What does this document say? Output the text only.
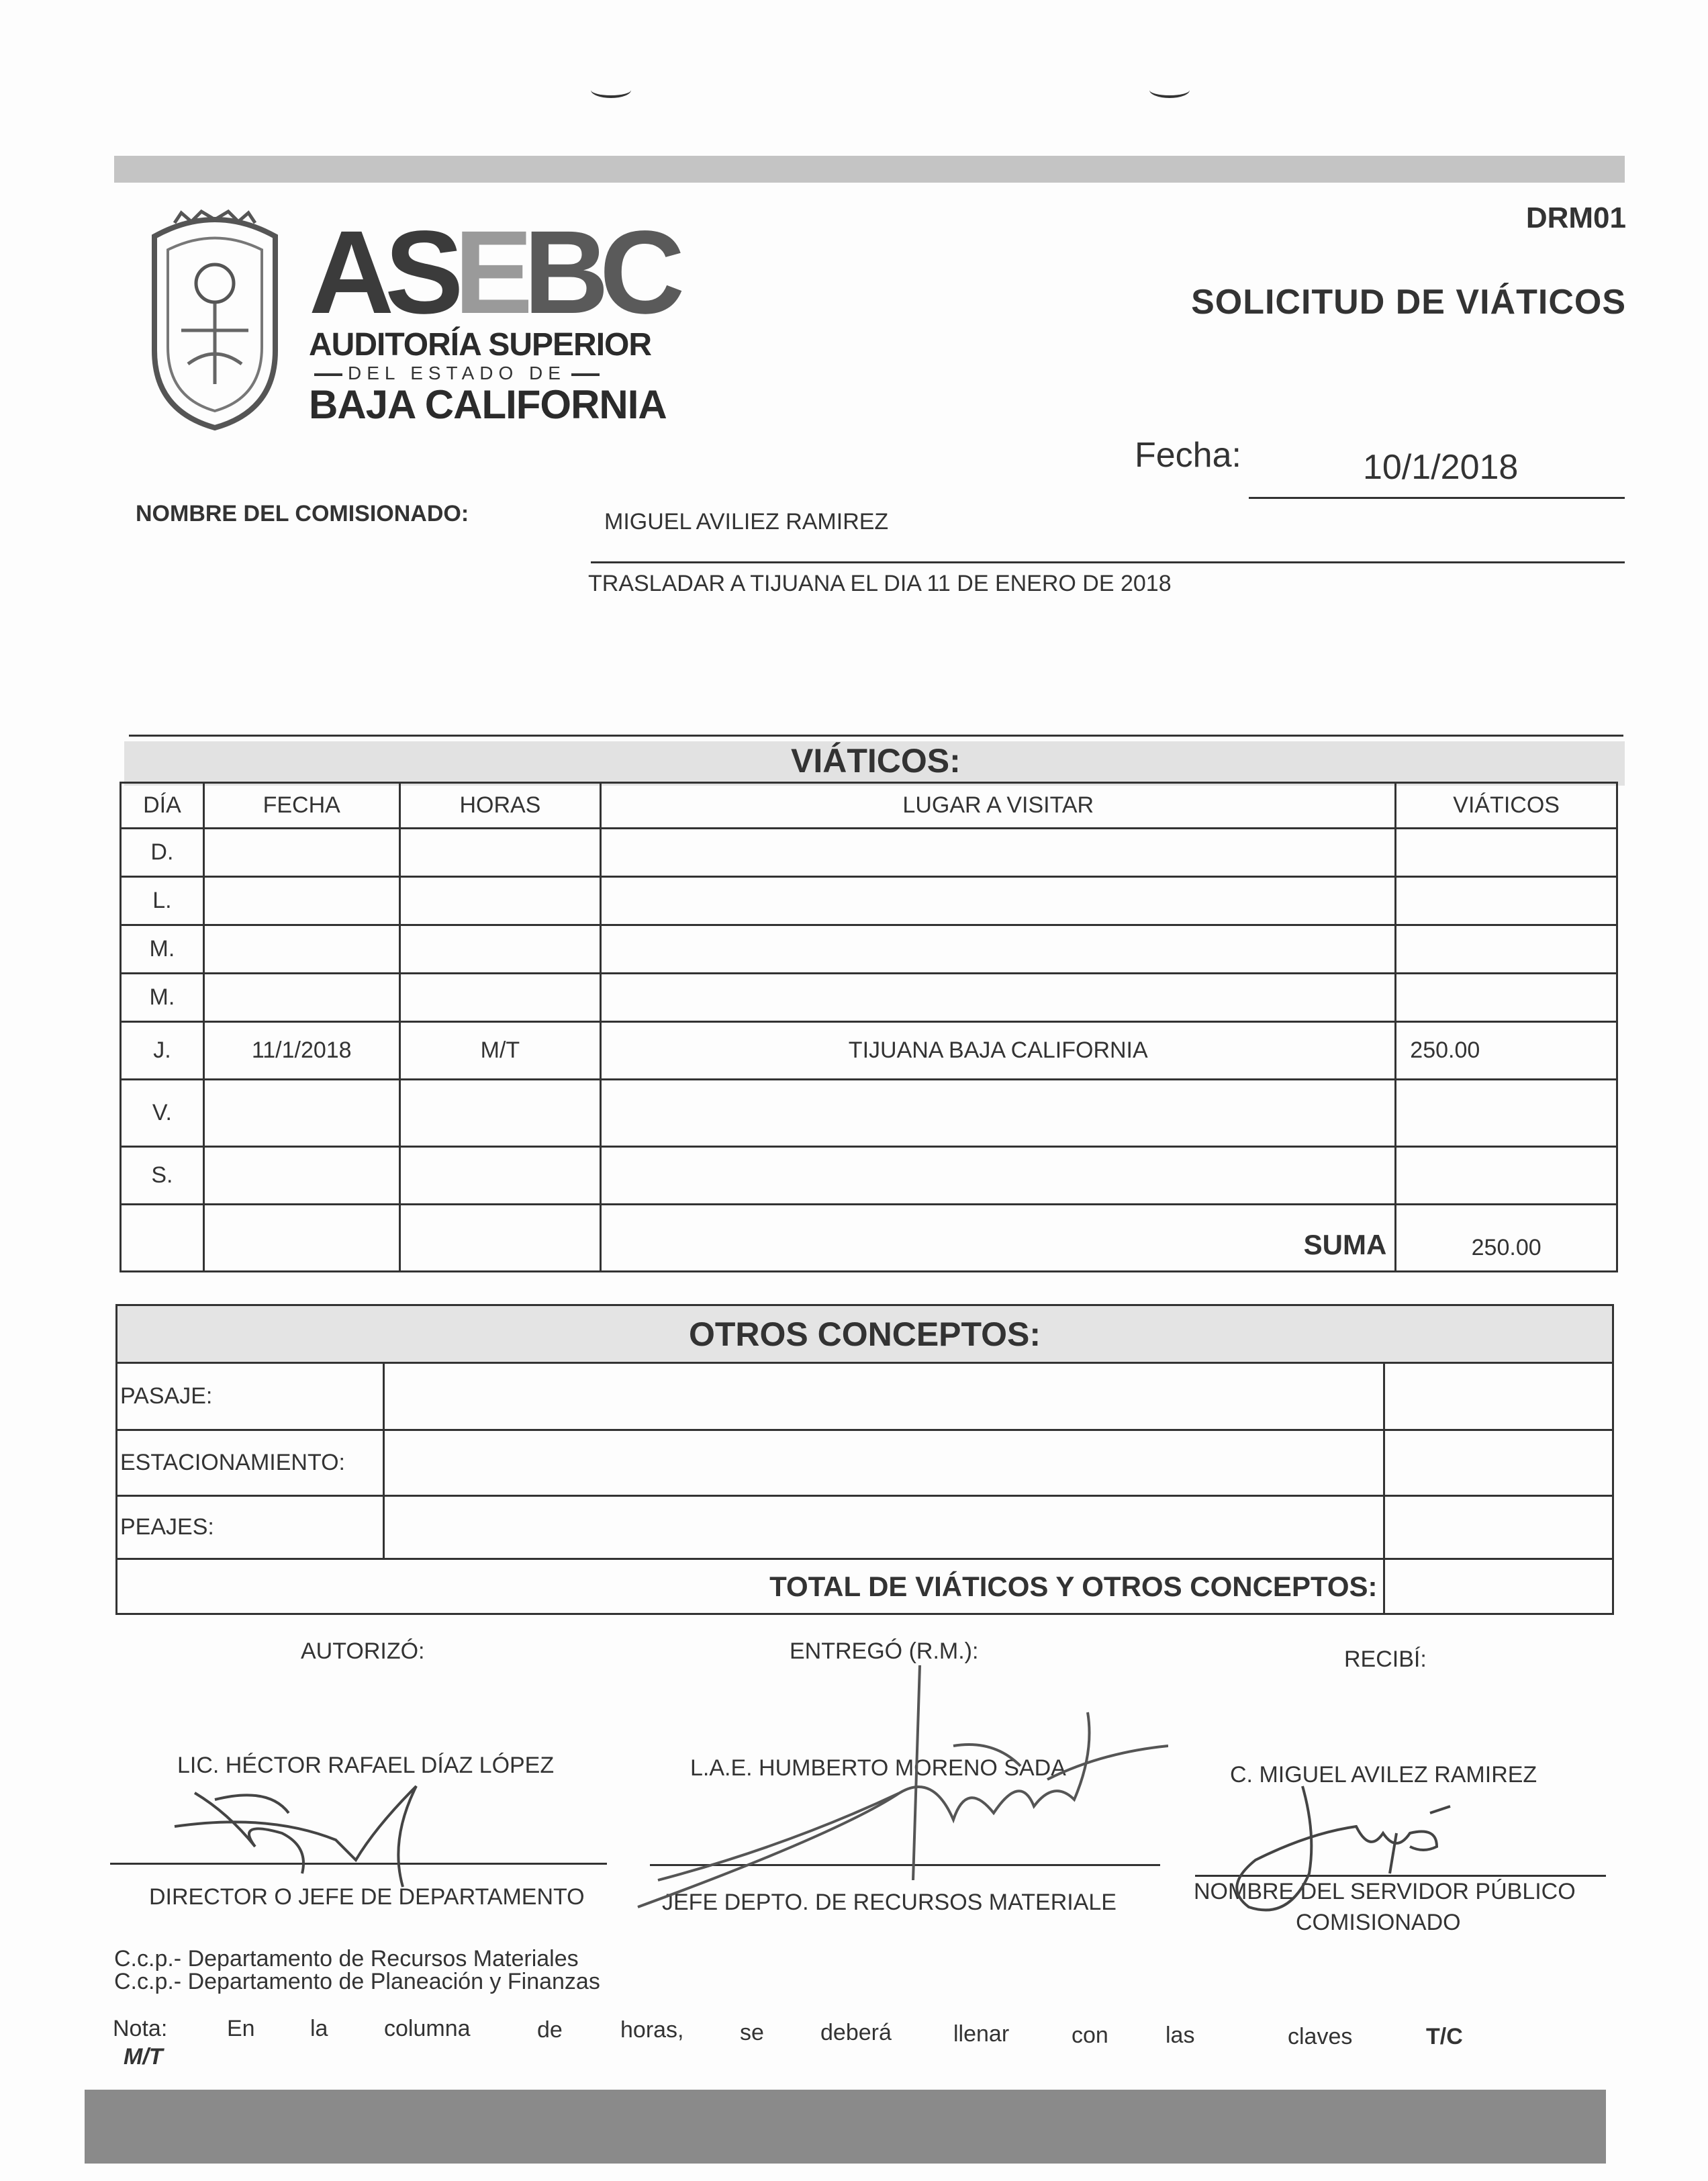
DRM01
SOLICITUD DE VIÁTICOS
ASEBC
AUDITORÍA SUPERIOR
DEL ESTADO DE
BAJA CALIFORNIA
Fecha:	10/1/2018
NOMBRE DEL COMISIONADO:	MIGUEL AVILIEZ RAMIREZ
TRASLADAR A TIJUANA EL DIA 11 DE ENERO DE 2018
VIÁTICOS:
DÍA	FECHA	HORAS	LUGAR A VISITAR	VIÁTICOS
D.				
L.				
M.				
M.				
J.	11/1/2018	M/T	TIJUANA BAJA CALIFORNIA	250.00
V.				
S.				
			SUMA	250.00
OTROS CONCEPTOS:		
PASAJE:		
ESTACIONAMIENTO:		
PEAJES:		
TOTAL DE VIÁTICOS Y OTROS CONCEPTOS:		
AUTORIZÓ:	ENTREGÓ (R.M.):	RECIBÍ:
LIC. HÉCTOR RAFAEL DÍAZ LÓPEZ	L.A.E. HUMBERTO MORENO SADA	C. MIGUEL AVILEZ RAMIREZ
DIRECTOR O JEFE DE DEPARTAMENTO	JEFE DEPTO. DE RECURSOS MATERIALE	NOMBRE DEL SERVIDOR PÚBLICO
COMISIONADO
C.c.p.- Departamento de Recursos Materiales
C.c.p.- Departamento de Planeación y Finanzas
Nota:	En la columna	de	horas, se deberá	llenar	con	las	claves	T/C
M/T
